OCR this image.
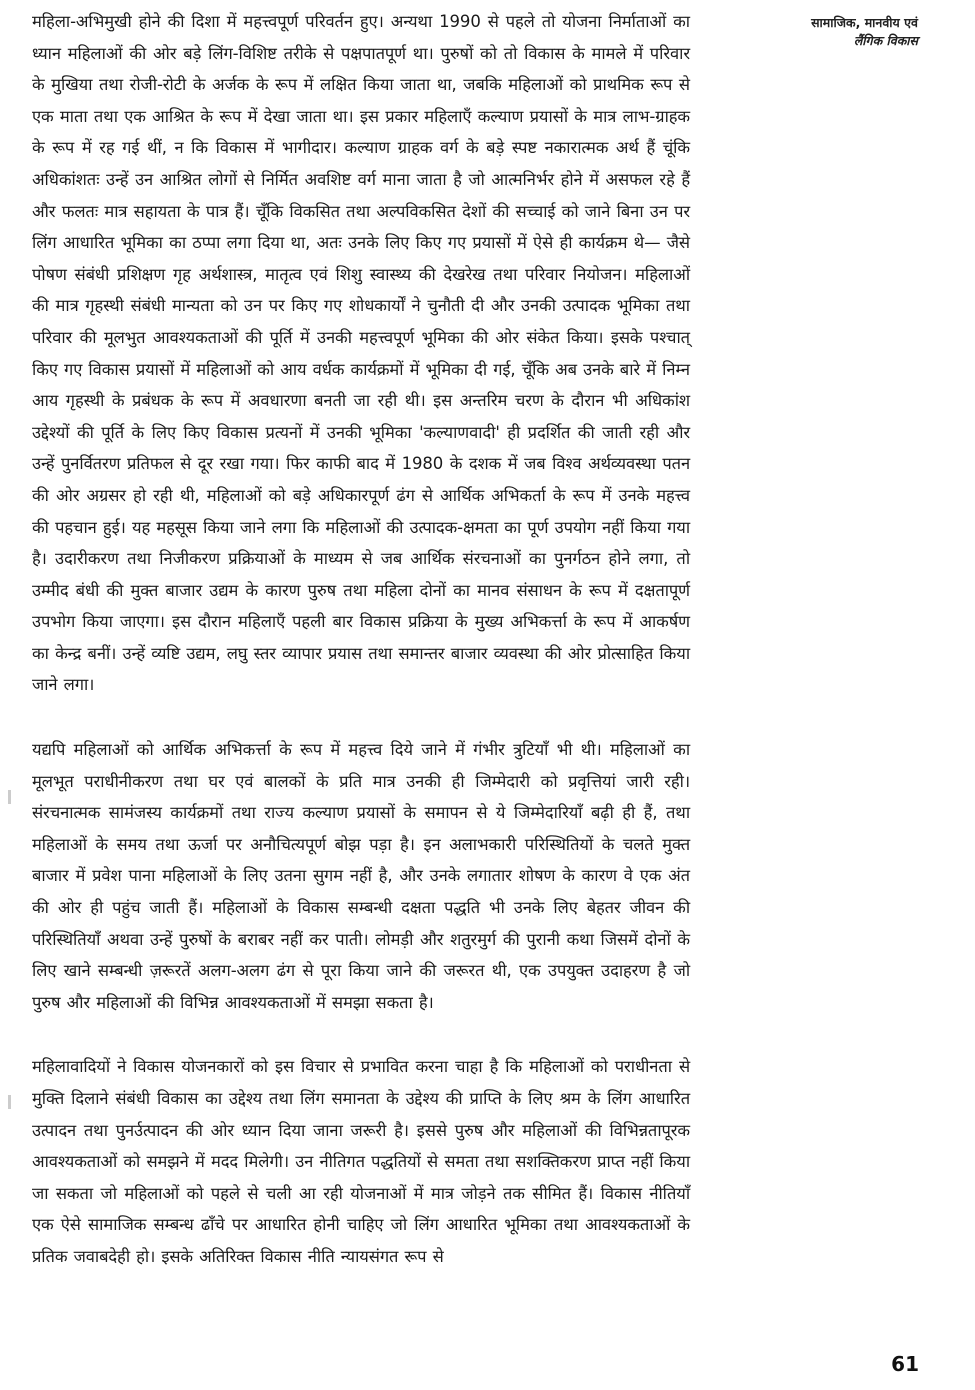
महिला-अभिमुखी होने की दिशा में महत्त्वपूर्ण परिवर्तन हुए। अन्यथा 1990 से पहले तो योजना निर्माताओं का ध्यान महिलाओं की ओर बड़े लिंग-विशिष्ट तरीके से पक्षपातपूर्ण था। पुरुषों को तो विकास के मामले में परिवार के मुखिया तथा रोजी-रोटी के अर्जक के रूप में लक्षित किया जाता था, जबकि महिलाओं को प्राथमिक रूप से एक माता तथा एक आश्रित के रूप में देखा जाता था। इस प्रकार महिलाएँ कल्याण प्रयासों के मात्र लाभ-ग्राहक के रूप में रह गई थीं, न कि विकास में भागीदार। कल्याण ग्राहक वर्ग के बड़े स्पष्ट नकारात्मक अर्थ हैं चूंकि अधिकांशतः उन्हें उन आश्रित लोगों से निर्मित अवशिष्ट वर्ग माना जाता है जो आत्मनिर्भर होने में असफल रहे हैं और फलतः मात्र सहायता के पात्र हैं। चूँकि विकसित तथा अल्पविकसित देशों की सच्चाई को जाने बिना उन पर लिंग आधारित भूमिका का ठप्पा लगा दिया था, अतः उनके लिए किए गए प्रयासों में ऐसे ही कार्यक्रम थे— जैसे पोषण संबंधी प्रशिक्षण गृह अर्थशास्त्र, मातृत्व एवं शिशु स्वास्थ्य की देखरेख तथा परिवार नियोजन। महिलाओं की मात्र गृहस्थी संबंधी मान्यता को उन पर किए गए शोधकार्यों ने चुनौती दी और उनकी उत्पादक भूमिका तथा परिवार की मूलभुत आवश्यकताओं की पूर्ति में उनकी महत्त्वपूर्ण भूमिका की ओर संकेत किया। इसके पश्चात् किए गए विकास प्रयासों में महिलाओं को आय वर्धक कार्यक्रमों में भूमिका दी गई, चूँकि अब उनके बारे में निम्न आय गृहस्थी के प्रबंधक के रूप में अवधारणा बनती जा रही थी। इस अन्तरिम चरण के दौरान भी अधिकांश उद्देश्यों की पूर्ति के लिए किए विकास प्रत्यनों में उनकी भूमिका 'कल्याणवादी' ही प्रदर्शित की जाती रही और उन्हें पुनर्वितरण प्रतिफल से दूर रखा गया। फिर काफी बाद में 1980 के दशक में जब विश्व अर्थव्यवस्था पतन की ओर अग्रसर हो रही थी, महिलाओं को बड़े अधिकारपूर्ण ढंग से आर्थिक अभिकर्ता के रूप में उनके महत्त्व की पहचान हुई। यह महसूस किया जाने लगा कि महिलाओं की उत्पादक-क्षमता का पूर्ण उपयोग नहीं किया गया है। उदारीकरण तथा निजीकरण प्रक्रियाओं के माध्यम से जब आर्थिक संरचनाओं का पुनर्गठन होने लगा, तो उम्मीद बंधी की मुक्त बाजार उद्यम के कारण पुरुष तथा महिला दोनों का मानव संसाधन के रूप में दक्षतापूर्ण उपभोग किया जाएगा। इस दौरान महिलाएँ पहली बार विकास प्रक्रिया के मुख्य अभिकर्त्ता के रूप में आकर्षण का केन्द्र बनीं। उन्हें व्यष्टि उद्यम, लघु स्तर व्यापार प्रयास तथा समान्तर बाजार व्यवस्था की ओर प्रोत्साहित किया जाने लगा।

यद्यपि महिलाओं को आर्थिक अभिकर्त्ता के रूप में महत्त्व दिये जाने में गंभीर त्रुटियाँ भी थी। महिलाओं का मूलभूत पराधीनीकरण तथा घर एवं बालकों के प्रति मात्र उनकी ही जिम्मेदारी को प्रवृत्तियां जारी रही। संरचनात्मक सामंजस्य कार्यक्रमों तथा राज्य कल्याण प्रयासों के समापन से ये जिम्मेदारियाँ बढ़ी ही हैं, तथा महिलाओं के समय तथा ऊर्जा पर अनौचित्यपूर्ण बोझ पड़ा है। इन अलाभकारी परिस्थितियों के चलते मुक्त बाजार में प्रवेश पाना महिलाओं के लिए उतना सुगम नहीं है, और उनके लगातार शोषण के कारण वे एक अंत की ओर ही पहुंच जाती हैं। महिलाओं के विकास सम्बन्धी दक्षता पद्धति भी उनके लिए बेहतर जीवन की परिस्थितियाँ अथवा उन्हें पुरुषों के बराबर नहीं कर पाती। लोमड़ी और शतुरमुर्ग की पुरानी कथा जिसमें दोनों के लिए खाने सम्बन्धी ज़रूरतें अलग-अलग ढंग से पूरा किया जाने की जरूरत थी, एक उपयुक्त उदाहरण है जो पुरुष और महिलाओं की विभिन्न आवश्यकताओं में समझा सकता है।

महिलावादियों ने विकास योजनकारों को इस विचार से प्रभावित करना चाहा है कि महिलाओं को पराधीनता से मुक्ति दिलाने संबंधी विकास का उद्देश्य तथा लिंग समानता के उद्देश्य की प्राप्ति के लिए श्रम के लिंग आधारित उत्पादन तथा पुनर्उत्पादन की ओर ध्यान दिया जाना जरूरी है। इससे पुरुष और महिलाओं की विभिन्नतापूरक आवश्यकताओं को समझने में मदद मिलेगी। उन नीतिगत पद्धतियों से समता तथा सशक्तिकरण प्राप्त नहीं किया जा सकता जो महिलाओं को पहले से चली आ रही योजनाओं में मात्र जोड़ने तक सीमित हैं। विकास नीतियाँ एक ऐसे सामाजिक सम्बन्ध ढाँचे पर आधारित होनी चाहिए जो लिंग आधारित भूमिका तथा आवश्यकताओं के प्रतिक जवाबदेही हो। इसके अतिरिक्त विकास नीति न्यायसंगत रूप से

सामाजिक, मानवीय एवं
लैंगिक विकास
61
